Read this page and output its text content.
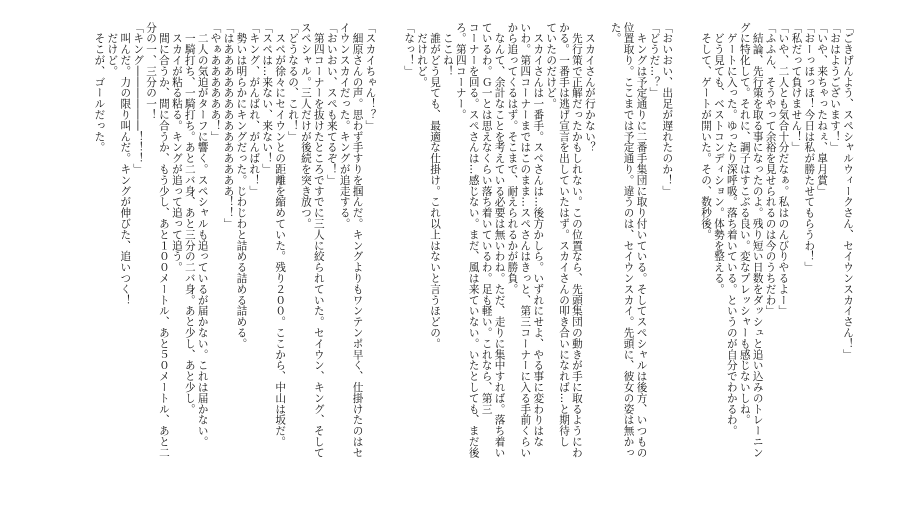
「ごきげんよう、スペシャルウィークさん、セイウンスカイさん！」
「おはようございます！」
「いや、来ちゃったねぇ、皐月賞」
「おーっほっほ！今日は私が勝たせてもらうわ！」
「私だって負けません！」
「いや、二人とも気合十分だなぁ。私はのんびりやるよー」
「ふふん、そうやって余裕を見せられるのは今のうちだわ」
　結論、先行策を取る事になったのよ。残り短い日数をダッシュと追い込みのトレーニン
グに特化して。それに、調子はすこぶる良い。変なプレッシャーも感じないしね。
　ゲートに入った。ゆったり深呼吸。落ち着いている。というのが自分でわかるわ。
　どう見ても、ベストコンディション。体勢を整える。
　そして、ゲートが開いた。その、数秒後。

「おいおい、出足が遅れたのか！」
「どうだ…？」
　キングは予定通りに二番手集団に取り付いている。そしてスペシャルは後方、いつもの
位置取り。ここまでは予定通り。違うのは、セイウンスカイ。先頭に、彼女の姿は無かっ
た。

　スカイさんが行かない？
　先行策で正解だったかもしれない。この位置なら、先頭集団の動きが手に取るようにわ
かる。一番手は逃げ宣言を出していたはず。スカイさんの叩き合いになれば…と期待し
ていたのだけど。
　スカイさんは一番手。スペさんは…後方かしら。いずれにせよ、やる事に変わりはな
いわ。第四コーナーまではこのまま…スペさんはきっと、第三コーナーに入る手前くらい
から追ってくるはず。そこまで、耐えられるかが勝負。
　なんて、余計なことを考えている必要は無いわね。ただ、走りに集中すれば。落ち着い
ているわ。Ｇ一とは思えなくらい落ち着いているわ。足も軽い。これなら、第三
コーナーを回る。スペさんは…感じない。まだ、風は来ていない。いたとしても、まだ後
ろ。第四コーナー。
　ここね！
　誰がどう見ても、最適な仕掛け。これ以上はないと言うほどの。
　だけれど。
「なっ！」

「スカイちゃん！？」
　細原さんの声。思わず手すりを掴んだ。キングよりもワンテンポ早く、仕掛けたのはセ
イウンスカイだった。キングが追走する。
「おいおい、スペも来てるぞ！」
　第四コーナーを抜けたところですでに三人に絞られていた。セイウン、キング、そして
スペシャル。三人だけが後続を突き放つ。
「どうなるの、これ！」
　スペが徐々にセイウンとの距離を縮めていた。残り２００。ここから、中山は坂だ。
「スペは…来ない、来ない！」
「キング、がんばれ、がんばれ！」
　勢いは明らかにキングだった。じわじわと詰める詰める詰める。
「はああああああああああああああ！！」
「やぁああああああ！」
　二人の気迫がターフに響く。スペシャルも追っているが届かない。これは届かない。
　一騎打ち、一騎打ち。あと二バ身、あと三分の二バ身。あと少し、あと少し。
　スカイが粘る粘る。キングが追って追って追う。
　間に合うか、間に合うか、もう少し、あと１００メートル、あと５０メートル、あと二
分の一、三分の一！
「キング――――――！！！」
　叫んだ。力の限り叫んだ。キングが伸びた、追いつく！
　だけど。
　そこが、ゴールだった。
